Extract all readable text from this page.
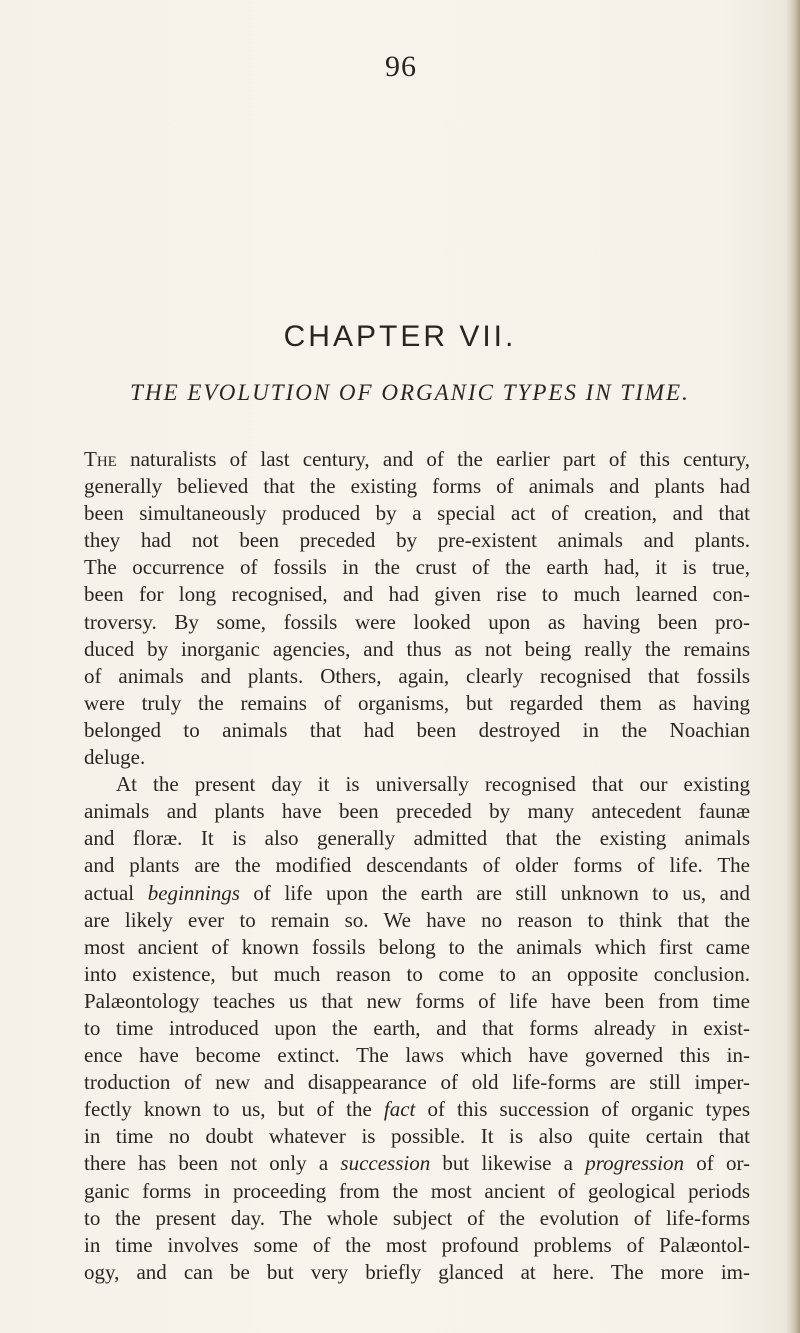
96
CHAPTER VII.
THE EVOLUTION OF ORGANIC TYPES IN TIME.
The naturalists of last century, and of the earlier part of this century,
generally believed that the existing forms of animals and plants had
been simultaneously produced by a special act of creation, and that
they had not been preceded by pre-existent animals and plants.
The occurrence of fossils in the crust of the earth had, it is true,
been for long recognised, and had given rise to much learned con-
troversy. By some, fossils were looked upon as having been pro-
duced by inorganic agencies, and thus as not being really the remains
of animals and plants. Others, again, clearly recognised that fossils
were truly the remains of organisms, but regarded them as having
belonged to animals that had been destroyed in the Noachian
deluge.
At the present day it is universally recognised that our existing
animals and plants have been preceded by many antecedent faunæ
and floræ. It is also generally admitted that the existing animals
and plants are the modified descendants of older forms of life. The
actual beginnings of life upon the earth are still unknown to us, and
are likely ever to remain so. We have no reason to think that the
most ancient of known fossils belong to the animals which first came
into existence, but much reason to come to an opposite conclusion.
Palæontology teaches us that new forms of life have been from time
to time introduced upon the earth, and that forms already in exist-
ence have become extinct. The laws which have governed this in-
troduction of new and disappearance of old life-forms are still imper-
fectly known to us, but of the fact of this succession of organic types
in time no doubt whatever is possible. It is also quite certain that
there has been not only a succession but likewise a progression of or-
ganic forms in proceeding from the most ancient of geological periods
to the present day. The whole subject of the evolution of life-forms
in time involves some of the most profound problems of Palæontol-
ogy, and can be but very briefly glanced at here. The more im-
